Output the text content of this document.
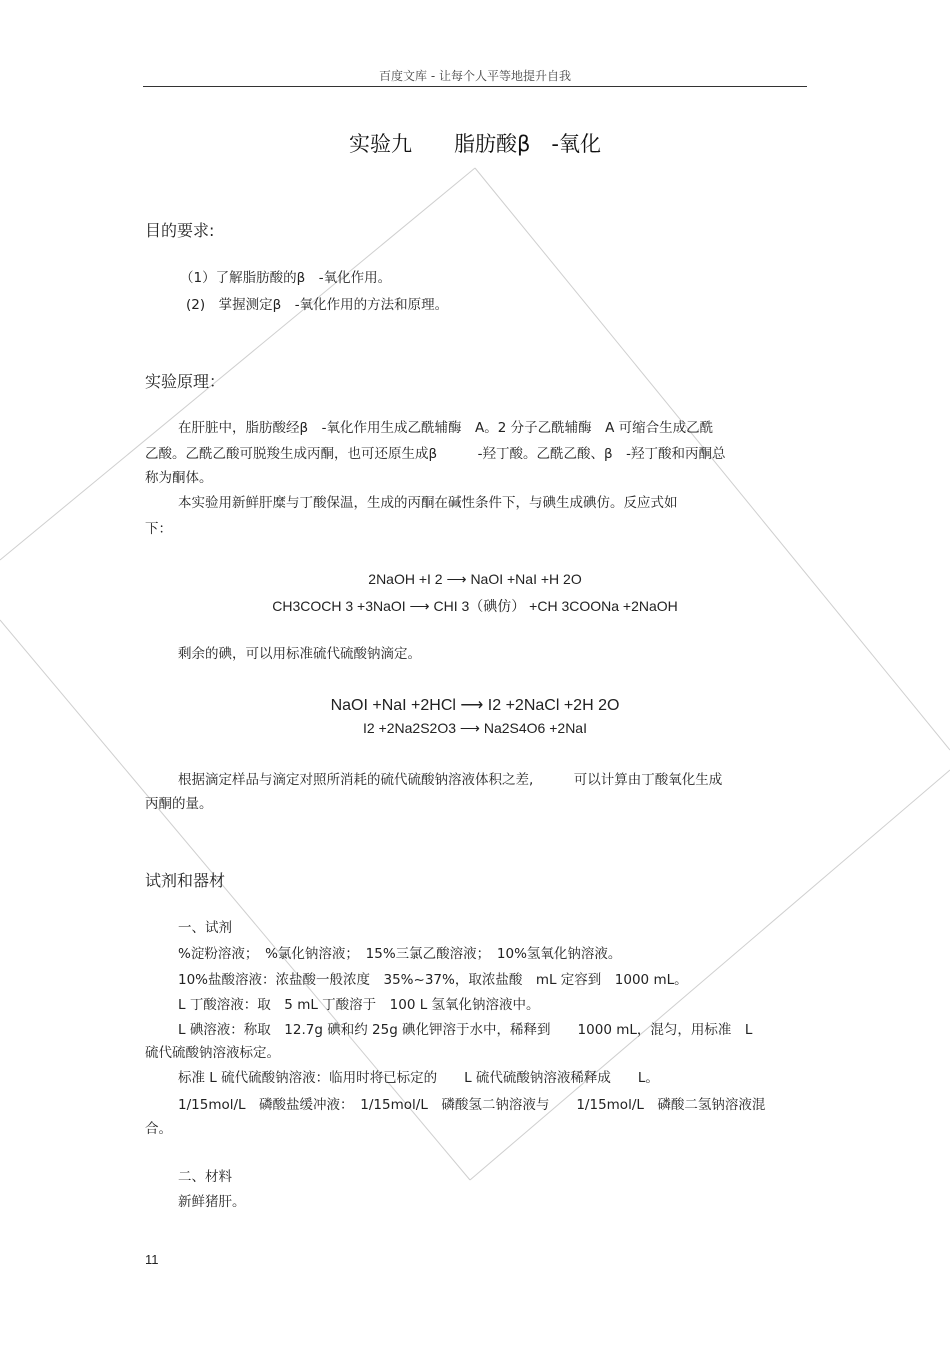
百度文库 - 让每个人平等地提升自我
实验九　　脂肪酸β　-氧化
目的要求:
（1）了解脂肪酸的β　-氧化作用。
(2)　掌握测定β　-氧化作用的方法和原理。
实验原理：
在肝脏中，脂肪酸经β　-氧化作用生成乙酰辅酶　A。2 分子乙酰辅酶　A 可缩合生成乙酰
乙酸。乙酰乙酸可脱羧生成丙酮，也可还原生成β　　　-羟丁酸。乙酰乙酸、β　-羟丁酸和丙酮总
称为酮体。
本实验用新鲜肝糜与丁酸保温，生成的丙酮在碱性条件下，与碘生成碘仿。反应式如
下：
2NaOH +I 2 ⟶ NaOI +NaI +H 2O
CH3COCH 3 +3NaOI ⟶ CHI 3（碘仿） +CH 3COONa +2NaOH
剩余的碘，可以用标准硫代硫酸钠滴定。
NaOI +NaI +2HCl ⟶ I2 +2NaCl +2H 2O
I2 +2Na2S2O3 ⟶ Na2S4O6 +2NaI
根据滴定样品与滴定对照所消耗的硫代硫酸钠溶液体积之差,　　　可以计算由丁酸氧化生成
丙酮的量。
试剂和器材
一、试剂
%淀粉溶液；　%氯化钠溶液；　15%三氯乙酸溶液；　10%氢氧化钠溶液。
10%盐酸溶液：浓盐酸一般浓度　35%~37%，取浓盐酸　mL 定容到　1000 mL。
L 丁酸溶液：取　5 mL 丁酸溶于　100 L 氢氧化钠溶液中。
L 碘溶液：称取　12.7g 碘和约 25g 碘化钾溶于水中，稀释到　　1000 mL，混匀，用标准　L
硫代硫酸钠溶液标定。
标准 L 硫代硫酸钠溶液：临用时将已标定的　　L 硫代硫酸钠溶液稀释成　　L。
1/15mol/L　磷酸盐缓冲液：　1/15mol/L　磷酸氢二钠溶液与　　1/15mol/L　磷酸二氢钠溶液混
合。
二、材料
新鲜猪肝。
11
